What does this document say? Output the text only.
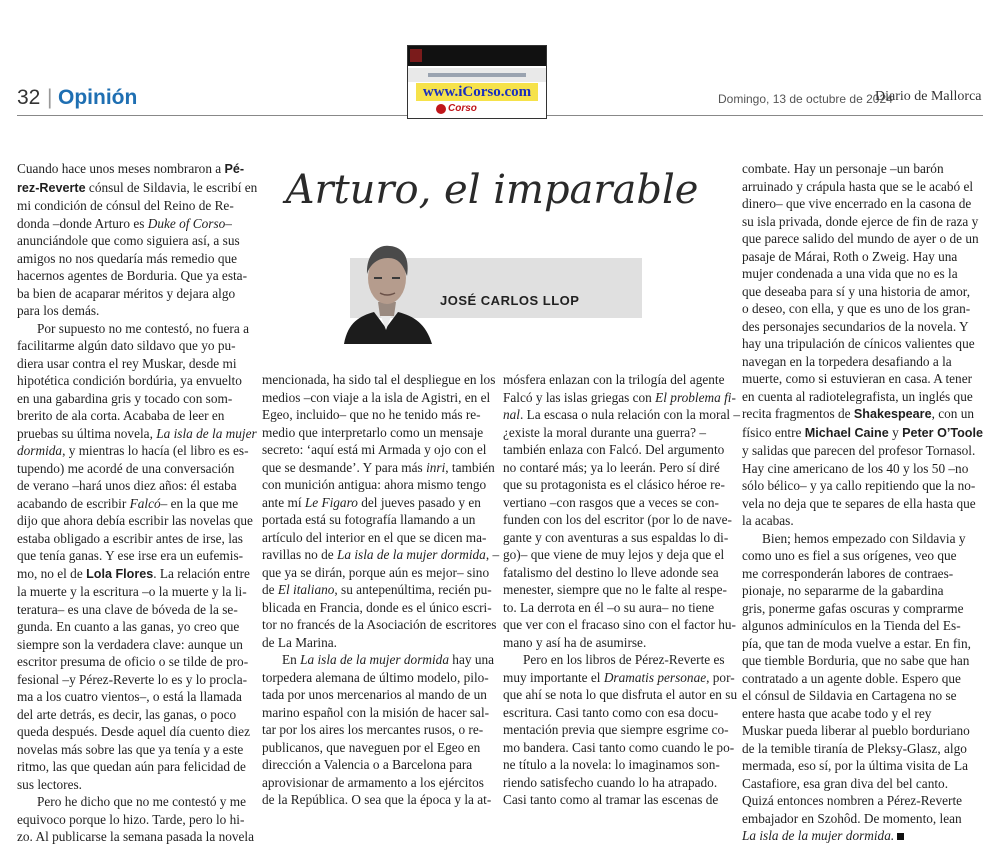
32 | Opinión	Domingo, 13 de octubre de 2024
Diario de Mallorca

www.iCorso.com
Corso
Arturo, el imparable
JOSÉ CARLOS LLOP

Cuando hace unos meses nombraron a Pé-

rez-Reverte cónsul de Sildavia, le escribí en

mi condición de cónsul del Reino de Re-

donda –donde Arturo es Duke of Corso–

anunciándole que como siguiera así, a sus

amigos no nos quedaría más remedio que

hacernos agentes de Borduria. Que ya esta-

ba bien de acaparar méritos y dejara algo

para los demás.

Por supuesto no me contestó, no fuera a

facilitarme algún dato sildavo que yo pu-

diera usar contra el rey Muskar, desde mi

hipotética condición bordúria, ya envuelto

en una gabardina gris y tocado con som-

brerito de ala corta. Acababa de leer en

pruebas su última novela, La isla de la mujer

dormida, y mientras lo hacía (el libro es es-

tupendo) me acordé de una conversación

de verano –hará unos diez años: él estaba

acabando de escribir Falcó– en la que me

dijo que ahora debía escribir las novelas que

estaba obligado a escribir antes de irse, las

que tenía ganas. Y ese irse era un eufemis-

mo, no el de Lola Flores. La relación entre

la muerte y la escritura –o la muerte y la li-

teratura– es una clave de bóveda de la se-

gunda. En cuanto a las ganas, yo creo que

siempre son la verdadera clave: aunque un

escritor presuma de oficio o se tilde de pro-

fesional –y Pérez-Reverte lo es y lo procla-

ma a los cuatro vientos–, o está la llamada

del arte detrás, es decir, las ganas, o poco

queda después. Desde aquel día cuento diez

novelas más sobre las que ya tenía y a este

ritmo, las que quedan aún para felicidad de

sus lectores.

Pero he dicho que no me contestó y me

equivoco porque lo hizo. Tarde, pero lo hi-

zo. Al publicarse la semana pasada la novela

mencionada, ha sido tal el despliegue en los

medios –con viaje a la isla de Agistri, en el

Egeo, incluido– que no he tenido más re-

medio que interpretarlo como un mensaje

secreto: ‘aquí está mi Armada y ojo con el

que se desmande’. Y para más inri, también

con munición antigua: ahora mismo tengo

ante mí Le Figaro del jueves pasado y en

portada está su fotografía llamando a un

artículo del interior en el que se dicen ma-

ravillas no de La isla de la mujer dormida, –

que ya se dirán, porque aún es mejor– sino

de El italiano, su antepenúltima, recién pu-

blicada en Francia, donde es el único escri-

tor no francés de la Asociación de escritores

de La Marina.

En La isla de la mujer dormida hay una

torpedera alemana de último modelo, pilo-

tada por unos mercenarios al mando de un

marino español con la misión de hacer sal-

tar por los aires los mercantes rusos, o re-

publicanos, que naveguen por el Egeo en

dirección a Valencia o a Barcelona para

aprovisionar de armamento a los ejércitos

de la República. O sea que la época y la at-

mósfera enlazan con la trilogía del agente

Falcó y las islas griegas con El problema fi-

nal. La escasa o nula relación con la moral –

¿existe la moral durante una guerra? –

también enlaza con Falcó. Del argumento

no contaré más; ya lo leerán. Pero sí diré

que su protagonista es el clásico héroe re-

vertiano –con rasgos que a veces se con-

funden con los del escritor (por lo de nave-

gante y con aventuras a sus espaldas lo di-

go)– que viene de muy lejos y deja que el

fatalismo del destino lo lleve adonde sea

menester, siempre que no le falte al respe-

to. La derrota en él –o su aura– no tiene

que ver con el fracaso sino con el factor hu-

mano y así ha de asumirse.

Pero en los libros de Pérez-Reverte es

muy importante el Dramatis personae, por-

que ahí se nota lo que disfruta el autor en su

escritura. Casi tanto como con esa docu-

mentación previa que siempre esgrime co-

mo bandera. Casi tanto como cuando le po-

ne título a la novela: lo imaginamos son-

riendo satisfecho cuando lo ha atrapado.

Casi tanto como al tramar las escenas de

combate. Hay un personaje –un barón

arruinado y crápula hasta que se le acabó el

dinero– que vive encerrado en la casona de

su isla privada, donde ejerce de fin de raza y

que parece salido del mundo de ayer o de un

pasaje de Márai, Roth o Zweig. Hay una

mujer condenada a una vida que no es la

que deseaba para sí y una historia de amor,

o deseo, con ella, y que es uno de los gran-

des personajes secundarios de la novela. Y

hay una tripulación de cínicos valientes que

navegan en la torpedera desafiando a la

muerte, como si estuvieran en casa. A tener

en cuenta al radiotelegrafista, un inglés que

recita fragmentos de Shakespeare, con un

físico entre Michael Caine y Peter O’Toole

y salidas que parecen del profesor Tornasol.

Hay cine americano de los 40 y los 50 –no

sólo bélico– y ya callo repitiendo que la no-

vela no deja que te separes de ella hasta que

la acabas.

Bien; hemos empezado con Sildavia y

como uno es fiel a sus orígenes, veo que

me corresponderán labores de contraes-

pionaje, no separarme de la gabardina

gris, ponerme gafas oscuras y comprarme

algunos adminículos en la Tienda del Es-

pía, que tan de moda vuelve a estar. En fin,

que tiemble Borduria, que no sabe que han

contratado a un agente doble. Espero que

el cónsul de Sildavia en Cartagena no se

entere hasta que acabe todo y el rey

Muskar pueda liberar al pueblo borduriano

de la temible tiranía de Pleksy-Glasz, algo

mermada, eso sí, por la última visita de La

Castafiore, esa gran diva del bel canto.

Quizá entonces nombren a Pérez-Reverte

embajador en Szohôd. De momento, lean

La isla de la mujer dormida.
